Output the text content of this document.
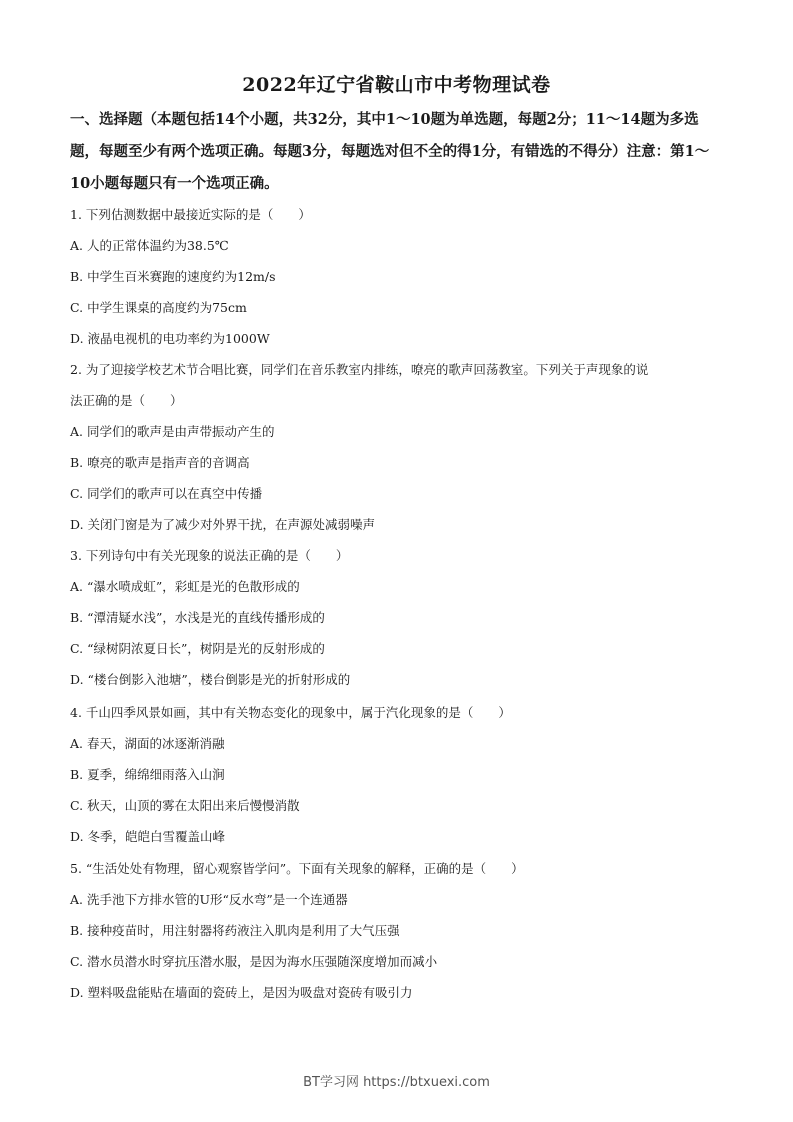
2022年辽宁省鞍山市中考物理试卷
一、选择题（本题包括14个小题，共32分，其中1～10题为单选题，每题2分；11～14题为多选题，每题至少有两个选项正确。每题3分，每题选对但不全的得1分，有错选的不得分）注意：第1～10小题每题只有一个选项正确。
1. 下列估测数据中最接近实际的是（　　）
A. 人的正常体温约为38.5℃
B. 中学生百米赛跑的速度约为12m/s
C. 中学生课桌的高度约为75cm
D. 液晶电视机的电功率约为1000W
2. 为了迎接学校艺术节合唱比赛，同学们在音乐教室内排练，嘹亮的歌声回荡教室。下列关于声现象的说
法正确的是（　　）
A. 同学们的歌声是由声带振动产生的
B. 嘹亮的歌声是指声音的音调高
C. 同学们的歌声可以在真空中传播
D. 关闭门窗是为了减少对外界干扰，在声源处减弱噪声
3. 下列诗句中有关光现象的说法正确的是（　　）
A. “瀑水喷成虹”，彩虹是光的色散形成的
B. “潭清疑水浅”，水浅是光的直线传播形成的
C. “绿树阴浓夏日长”，树阴是光的反射形成的
D. “楼台倒影入池塘”，楼台倒影是光的折射形成的
4. 千山四季风景如画，其中有关物态变化的现象中，属于汽化现象的是（　　）
A. 春天，湖面的冰逐渐消融
B. 夏季，绵绵细雨落入山涧
C. 秋天，山顶的雾在太阳出来后慢慢消散
D. 冬季，皑皑白雪覆盖山峰
5. “生活处处有物理，留心观察皆学问”。下面有关现象的解释，正确的是（　　）
A. 洗手池下方排水管的U形“反水弯”是一个连通器
B. 接种疫苗时，用注射器将药液注入肌肉是利用了大气压强
C. 潜水员潜水时穿抗压潜水服，是因为海水压强随深度增加而减小
D. 塑料吸盘能贴在墙面的瓷砖上，是因为吸盘对瓷砖有吸引力
BT学习网 https://btxuexi.com
